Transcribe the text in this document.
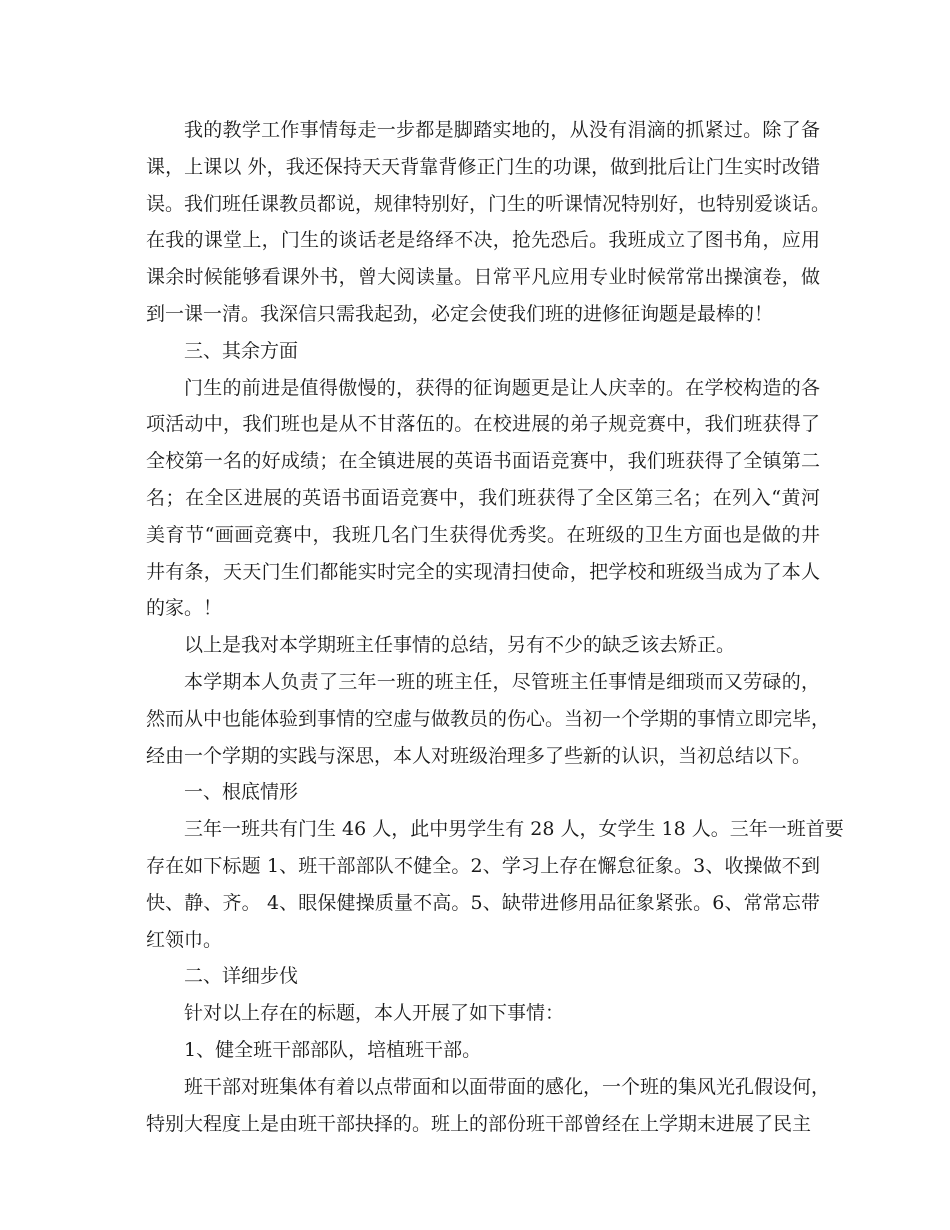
我的教学工作事情每走一步都是脚踏实地的，从没有涓滴的抓紧过。除了备
课，上课以 外，我还保持天天背靠背修正门生的功课，做到批后让门生实时改错
误。我们班任课教员都说，规律特别好，门生的听课情况特别好，也特别爱谈话。
在我的课堂上，门生的谈话老是络绎不决，抢先恐后。我班成立了图书角，应用
课余时候能够看课外书，曾大阅读量。日常平凡应用专业时候常常出操演卷，做
到一课一清。我深信只需我起劲，必定会使我们班的进修征询题是最棒的！
三、其余方面
门生的前进是值得傲慢的，获得的征询题更是让人庆幸的。在学校构造的各
项活动中，我们班也是从不甘落伍的。在校进展的弟子规竞赛中，我们班获得了
全校第一名的好成绩；在全镇进展的英语书面语竞赛中，我们班获得了全镇第二
名；在全区进展的英语书面语竞赛中，我们班获得了全区第三名；在列入“黄河
美育节“画画竞赛中，我班几名门生获得优秀奖。在班级的卫生方面也是做的井
井有条，天天门生们都能实时完全的实现清扫使命，把学校和班级当成为了本人
的家。！
以上是我对本学期班主任事情的总结，另有不少的缺乏该去矫正。
本学期本人负责了三年一班的班主任，尽管班主任事情是细琐而又劳碌的，
然而从中也能体验到事情的空虚与做教员的伤心。当初一个学期的事情立即完毕，
经由一个学期的实践与深思，本人对班级治理多了些新的认识，当初总结以下。
一、根底情形
三年一班共有门生 46 人，此中男学生有 28 人，女学生 18 人。三年一班首要
存在如下标题 1、班干部部队不健全。2、学习上存在懈怠征象。3、收操做不到
快、静、齐。 4、眼保健操质量不高。5、缺带进修用品征象紧张。6、常常忘带
红领巾。
二、详细步伐
针对以上存在的标题，本人开展了如下事情：
1、健全班干部部队，培植班干部。
班干部对班集体有着以点带面和以面带面的感化，一个班的集风光孔假设何，
特别大程度上是由班干部抉择的。班上的部份班干部曾经在上学期末进展了民主
